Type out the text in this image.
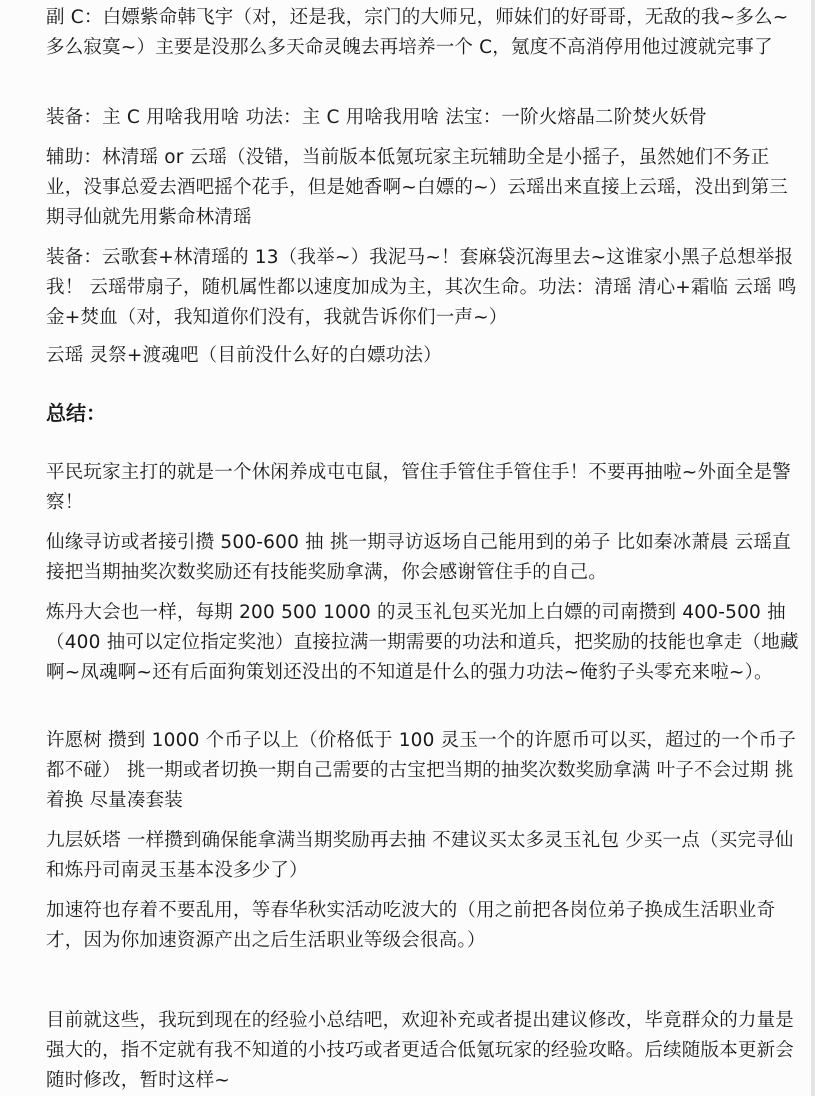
副 C：白嫖紫命韩飞宇（对，还是我，宗门的大师兄，师妹们的好哥哥，无敌的我~多么~多么寂寞~）主要是没那么多天命灵魄去再培养一个 C，氪度不高消停用他过渡就完事了

装备：主 C 用啥我用啥 功法：主 C 用啥我用啥 法宝：一阶火熔晶二阶焚火妖骨

辅助：林清瑶 or 云瑶（没错，当前版本低氪玩家主玩辅助全是小摇子，虽然她们不务正业，没事总爱去酒吧摇个花手，但是她香啊~白嫖的~）云瑶出来直接上云瑶，没出到第三期寻仙就先用紫命林清瑶

装备：云歌套+林清瑶的 13（我举~）我泥马~！套麻袋沉海里去~这谁家小黑子总想举报我！ 云瑶带扇子，随机属性都以速度加成为主，其次生命。功法：清瑶 清心+霜临 云瑶 鸣金+焚血（对，我知道你们没有，我就告诉你们一声~）

云瑶 灵祭+渡魂吧（目前没什么好的白嫖功法）

总结：

平民玩家主打的就是一个休闲养成屯屯鼠，管住手管住手管住手！不要再抽啦~外面全是警察！

仙缘寻访或者接引攒 500-600 抽 挑一期寻访返场自己能用到的弟子 比如秦冰萧晨 云瑶直接把当期抽奖次数奖励还有技能奖励拿满，你会感谢管住手的自己。

炼丹大会也一样，每期 200 500 1000 的灵玉礼包买光加上白嫖的司南攒到 400-500 抽（400 抽可以定位指定奖池）直接拉满一期需要的功法和道兵，把奖励的技能也拿走（地藏啊~凤魂啊~还有后面狗策划还没出的不知道是什么的强力功法~俺豹子头零充来啦~）。

许愿树 攒到 1000 个币子以上（价格低于 100 灵玉一个的许愿币可以买，超过的一个币子都不碰） 挑一期或者切换一期自己需要的古宝把当期的抽奖次数奖励拿满 叶子不会过期 挑着换 尽量凑套装

九层妖塔 一样攒到确保能拿满当期奖励再去抽 不建议买太多灵玉礼包 少买一点（买完寻仙和炼丹司南灵玉基本没多少了）

加速符也存着不要乱用，等春华秋实活动吃波大的（用之前把各岗位弟子换成生活职业奇才，因为你加速资源产出之后生活职业等级会很高。）

目前就这些，我玩到现在的经验小总结吧，欢迎补充或者提出建议修改，毕竟群众的力量是强大的，指不定就有我不知道的小技巧或者更适合低氪玩家的经验攻略。后续随版本更新会随时修改，暂时这样~
